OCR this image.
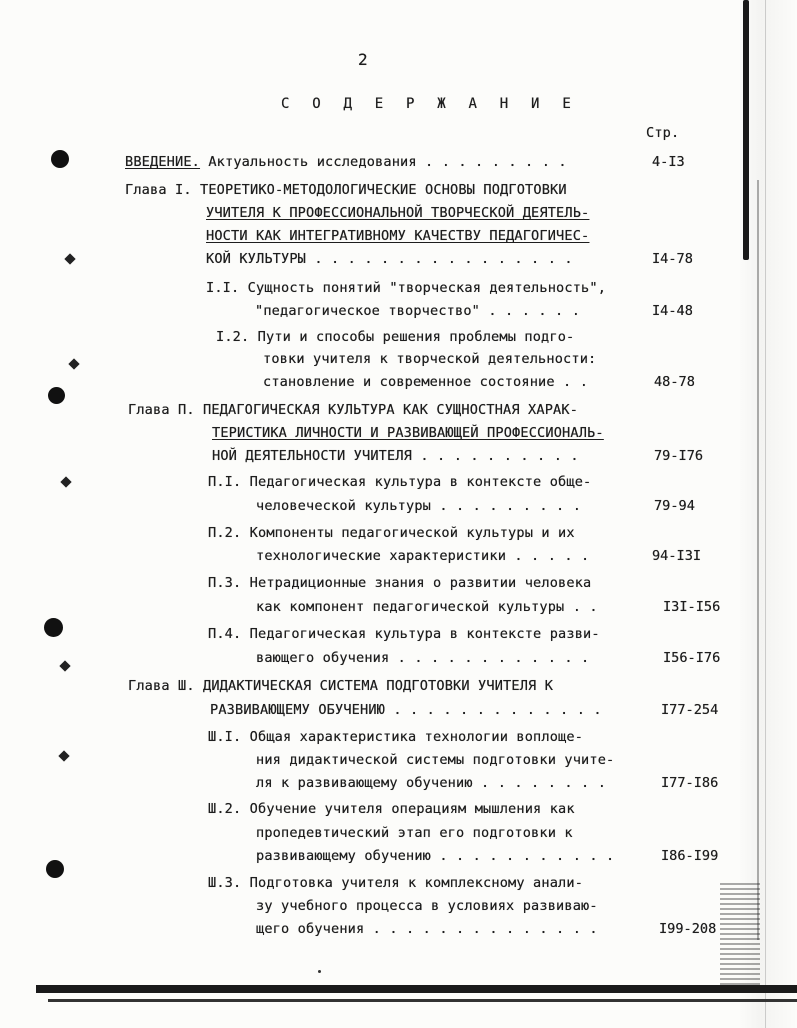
2
С О Д Е Р Ж А Н И Е
Стр.
ВВЕДЕНИЕ. Актуальность исследования . . . . . . . . .	4-I3
Глава I. ТЕОРЕТИКО-МЕТОДОЛОГИЧЕСКИЕ ОСНОВЫ ПОДГОТОВКИ
УЧИТЕЛЯ К ПРОФЕССИОНАЛЬНОЙ ТВОРЧЕСКОЙ ДЕЯТЕЛЬ-
НОСТИ КАК ИНТЕГРАТИВНОМУ КАЧЕСТВУ ПЕДАГОГИЧЕС-
КОЙ КУЛЬТУРЫ . . . . . . . . . . . . . . . .	I4-78
I.I. Сущность понятий "творческая деятельность",
"педагогическое творчество" . . . . . .	I4-48
I.2. Пути и способы решения проблемы подго-
товки учителя к творческой деятельности:
становление и современное состояние . .	48-78
Глава П. ПЕДАГОГИЧЕСКАЯ КУЛЬТУРА КАК СУЩНОСТНАЯ ХАРАК-
ТЕРИСТИКА ЛИЧНОСТИ И РАЗВИВАЮЩЕЙ ПРОФЕССИОНАЛЬ-
НОЙ ДЕЯТЕЛЬНОСТИ УЧИТЕЛЯ . . . . . . . . . .	79-I76
П.I. Педагогическая культура в контексте обще-
человеческой культуры . . . . . . . . .	79-94
П.2. Компоненты педагогической культуры и их
технологические характеристики . . . . .	94-I3I
П.3. Нетрадиционные знания о развитии человека
как компонент педагогической культуры . .	I3I-I56
П.4. Педагогическая культура в контексте разви-
вающего обучения . . . . . . . . . . . .	I56-I76
Глава Ш. ДИДАКТИЧЕСКАЯ СИСТЕМА ПОДГОТОВКИ УЧИТЕЛЯ К
РАЗВИВАЮЩЕМУ ОБУЧЕНИЮ . . . . . . . . . . . . .	I77-254
Ш.I. Общая характеристика технологии воплоще-
ния дидактической системы подготовки учите-
ля к развивающему обучению . . . . . . . .	I77-I86
Ш.2. Обучение учителя операциям мышления как
пропедевтический этап его подготовки к
развивающему обучению . . . . . . . . . . .	I86-I99
Ш.3. Подготовка учителя к комплексному анали-
зу учебного процесса в условиях развиваю-
щего обучения . . . . . . . . . . . . . .	I99-208
